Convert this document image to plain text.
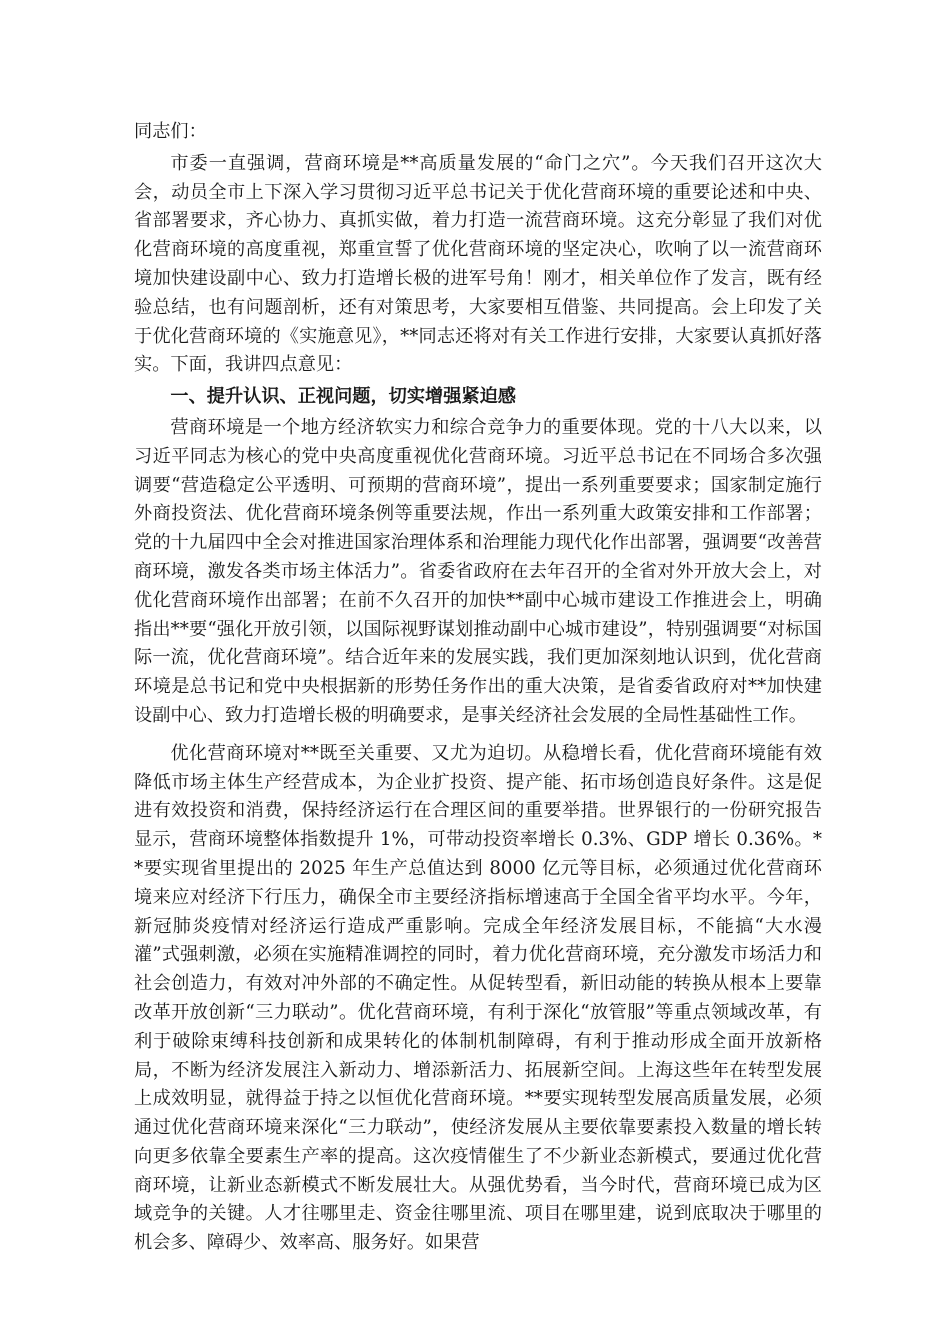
同志们：

市委一直强调，营商环境是**高质量发展的“命门之穴”。今天我们召开这次大会，动员全市上下深入学习贯彻习近平总书记关于优化营商环境的重要论述和中央、省部署要求，齐心协力、真抓实做，着力打造一流营商环境。这充分彰显了我们对优化营商环境的高度重视，郑重宣誓了优化营商环境的坚定决心，吹响了以一流营商环境加快建设副中心、致力打造增长极的进军号角！刚才，相关单位作了发言，既有经验总结，也有问题剖析，还有对策思考，大家要相互借鉴、共同提高。会上印发了关于优化营商环境的《实施意见》，**同志还将对有关工作进行安排，大家要认真抓好落实。下面，我讲四点意见：

一、提升认识、正视问题，切实增强紧迫感

营商环境是一个地方经济软实力和综合竞争力的重要体现。党的十八大以来，以习近平同志为核心的党中央高度重视优化营商环境。习近平总书记在不同场合多次强调要“营造稳定公平透明、可预期的营商环境”，提出一系列重要要求；国家制定施行外商投资法、优化营商环境条例等重要法规，作出一系列重大政策安排和工作部署；党的十九届四中全会对推进国家治理体系和治理能力现代化作出部署，强调要“改善营商环境，激发各类市场主体活力”。省委省政府在去年召开的全省对外开放大会上，对优化营商环境作出部署；在前不久召开的加快**副中心城市建设工作推进会上，明确指出**要“强化开放引领，以国际视野谋划推动副中心城市建设”，特别强调要“对标国际一流，优化营商环境”。结合近年来的发展实践，我们更加深刻地认识到，优化营商环境是总书记和党中央根据新的形势任务作出的重大决策，是省委省政府对**加快建设副中心、致力打造增长极的明确要求，是事关经济社会发展的全局性基础性工作。

优化营商环境对**既至关重要、又尤为迫切。从稳增长看，优化营商环境能有效降低市场主体生产经营成本，为企业扩投资、提产能、拓市场创造良好条件。这是促进有效投资和消费，保持经济运行在合理区间的重要举措。世界银行的一份研究报告显示，营商环境整体指数提升 1%，可带动投资率增长 0.3%、GDP 增长 0.36%。**要实现省里提出的 2025 年生产总值达到 8000 亿元等目标，必须通过优化营商环境来应对经济下行压力，确保全市主要经济指标增速高于全国全省平均水平。今年，新冠肺炎疫情对经济运行造成严重影响。完成全年经济发展目标，不能搞“大水漫灌”式强刺激，必须在实施精准调控的同时，着力优化营商环境，充分激发市场活力和社会创造力，有效对冲外部的不确定性。从促转型看，新旧动能的转换从根本上要靠改革开放创新“三力联动”。优化营商环境，有利于深化“放管服”等重点领域改革，有利于破除束缚科技创新和成果转化的体制机制障碍，有利于推动形成全面开放新格局，不断为经济发展注入新动力、增添新活力、拓展新空间。上海这些年在转型发展上成效明显，就得益于持之以恒优化营商环境。**要实现转型发展高质量发展，必须通过优化营商环境来深化“三力联动”，使经济发展从主要依靠要素投入数量的增长转向更多依靠全要素生产率的提高。这次疫情催生了不少新业态新模式，要通过优化营商环境，让新业态新模式不断发展壮大。从强优势看，当今时代，营商环境已成为区域竞争的关键。人才往哪里走、资金往哪里流、项目在哪里建，说到底取决于哪里的机会多、障碍少、效率高、服务好。如果营
